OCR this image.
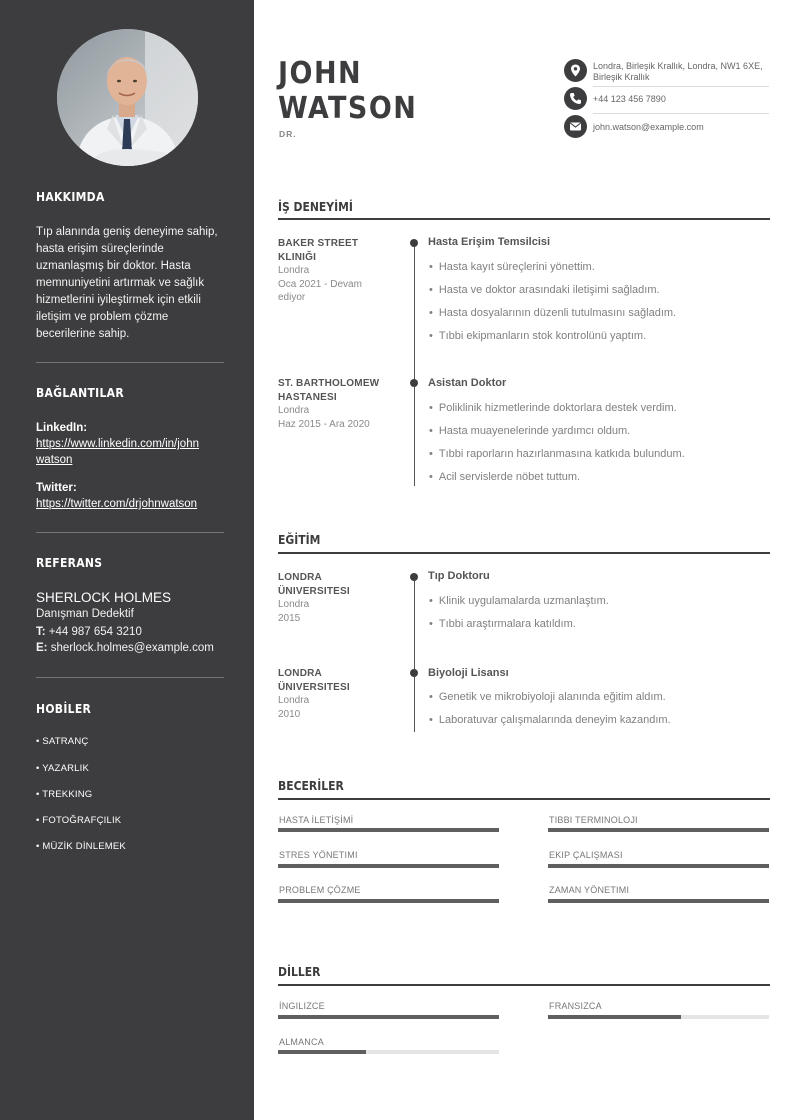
HAKKIMDA
Tıp alanında geniş deneyime sahip, hasta erişim süreçlerinde uzmanlaşmış bir doktor. Hasta memnuniyetini artırmak ve sağlık hizmetlerini iyileştirmek için etkili iletişim ve problem çözme becerilerine sahip.
BAĞLANTILAR
LinkedIn:
https://www.linkedin.com/in/john
watson
Twitter:
https://twitter.com/drjohnwatson
REFERANS
SHERLOCK HOLMES
Danışman Dedektif
T: +44 987 654 3210
E: sherlock.holmes@example.com
HOBİLER
• SATRANÇ
• YAZARLIK
• TREKKING
• FOTOĞRAFÇILIK
• MÜZİK DİNLEMEK
JOHN
WATSON
DR.
Londra, Birleşik Krallık, Londra, NW1 6XE, Birleşik Krallık
+44 123 456 7890
john.watson@example.com
İŞ DENEYİMİ
BAKER STREET
KLINIĞI
Londra
Oca 2021 - Devam
ediyor
Hasta Erişim Temsilcisi
• Hasta kayıt süreçlerini yönettim.
• Hasta ve doktor arasındaki iletişimi sağladım.
• Hasta dosyalarının düzenli tutulmasını sağladım.
• Tıbbi ekipmanların stok kontrolünü yaptım.
ST. BARTHOLOMEW
HASTANESI
Londra
Haz 2015 - Ara 2020
Asistan Doktor
• Poliklinik hizmetlerinde doktorlara destek verdim.
• Hasta muayenelerinde yardımcı oldum.
• Tıbbi raporların hazırlanmasına katkıda bulundum.
• Acil servislerde nöbet tuttum.
EĞİTİM
LONDRA
ÜNIVERSITESI
Londra
2015
Tıp Doktoru
• Klinik uygulamalarda uzmanlaştım.
• Tıbbi araştırmalara katıldım.
LONDRA
ÜNIVERSITESI
Londra
2010
Biyoloji Lisansı
• Genetik ve mikrobiyoloji alanında eğitim aldım.
• Laboratuvar çalışmalarında deneyim kazandım.
BECERİLER
HASTA İLETİŞİMİ	TIBBI TERMINOLOJI
STRES YÖNETIMI	EKIP ÇALIŞMASI
PROBLEM ÇÖZME	ZAMAN YÖNETIMI
DİLLER
İNGILIZCE	FRANSIZCA
ALMANCA
